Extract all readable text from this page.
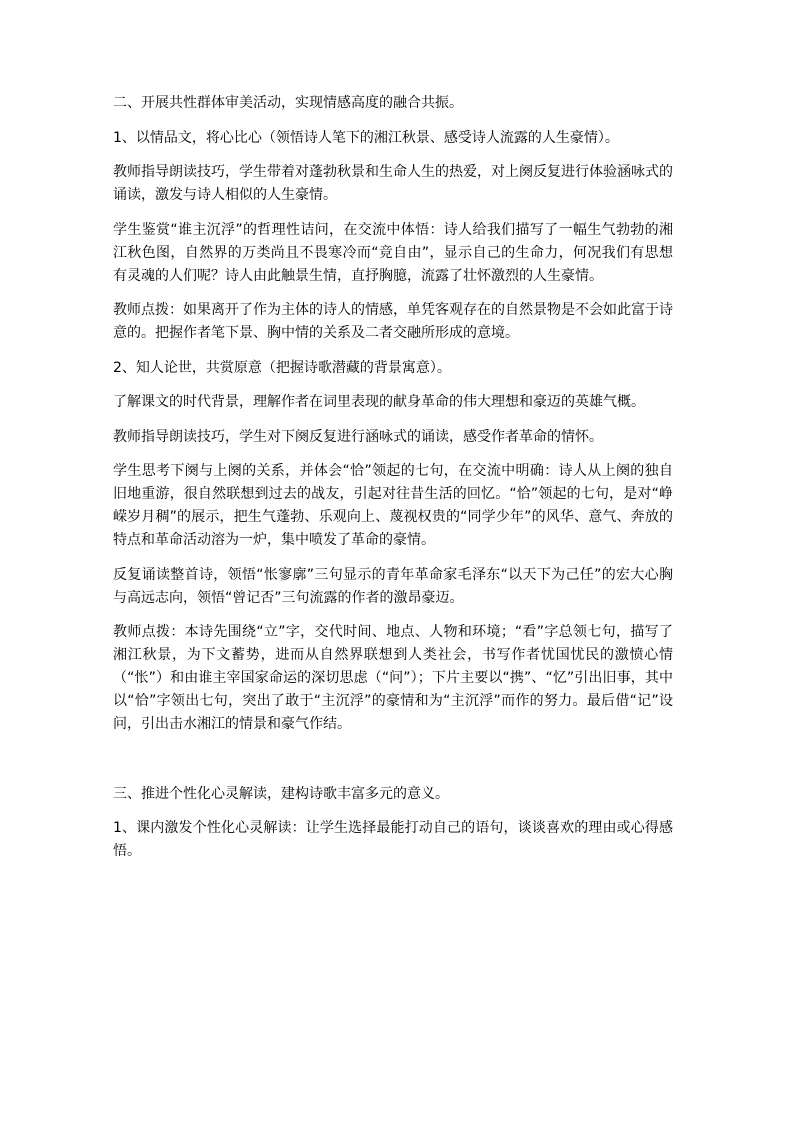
二、开展共性群体审美活动，实现情感高度的融合共振。

1、以情品文，将心比心（领悟诗人笔下的湘江秋景、感受诗人流露的人生豪情）。

教师指导朗读技巧，学生带着对蓬勃秋景和生命人生的热爱，对上阕反复进行体验涵咏式的诵读，激发与诗人相似的人生豪情。

学生鉴赏“谁主沉浮”的哲理性诘问，在交流中体悟：诗人给我们描写了一幅生气勃勃的湘江秋色图，自然界的万类尚且不畏寒冷而“竞自由”，显示自己的生命力，何况我们有思想有灵魂的人们呢？诗人由此触景生情，直抒胸臆，流露了壮怀激烈的人生豪情。

教师点拨：如果离开了作为主体的诗人的情感，单凭客观存在的自然景物是不会如此富于诗意的。把握作者笔下景、胸中情的关系及二者交融所形成的意境。

2、知人论世，共赏原意（把握诗歌潜藏的背景寓意）。

了解课文的时代背景，理解作者在词里表现的献身革命的伟大理想和豪迈的英雄气概。

教师指导朗读技巧，学生对下阕反复进行涵咏式的诵读，感受作者革命的情怀。

学生思考下阕与上阕的关系，并体会“恰”领起的七句，在交流中明确：诗人从上阕的独自旧地重游，很自然联想到过去的战友，引起对往昔生活的回忆。“恰”领起的七句，是对“峥嵘岁月稠”的展示，把生气蓬勃、乐观向上、蔑视权贵的“同学少年”的风华、意气、奔放的特点和革命活动溶为一炉，集中喷发了革命的豪情。

反复诵读整首诗，领悟“怅寥廓”三句显示的青年革命家毛泽东“以天下为己任”的宏大心胸与高远志向，领悟“曾记否”三句流露的作者的激昂豪迈。

教师点拨：本诗先围绕“立”字，交代时间、地点、人物和环境；“看”字总领七句，描写了湘江秋景，为下文蓄势，进而从自然界联想到人类社会，书写作者忧国忧民的激愤心情（“怅”）和由谁主宰国家命运的深切思虑（“问”）；下片主要以“携”、“忆”引出旧事，其中以“恰”字领出七句，突出了敢于“主沉浮”的豪情和为“主沉浮”而作的努力。最后借“记”设问，引出击水湘江的情景和豪气作结。

三、推进个性化心灵解读，建构诗歌丰富多元的意义。

1、课内激发个性化心灵解读：让学生选择最能打动自己的语句，谈谈喜欢的理由或心得感悟。
